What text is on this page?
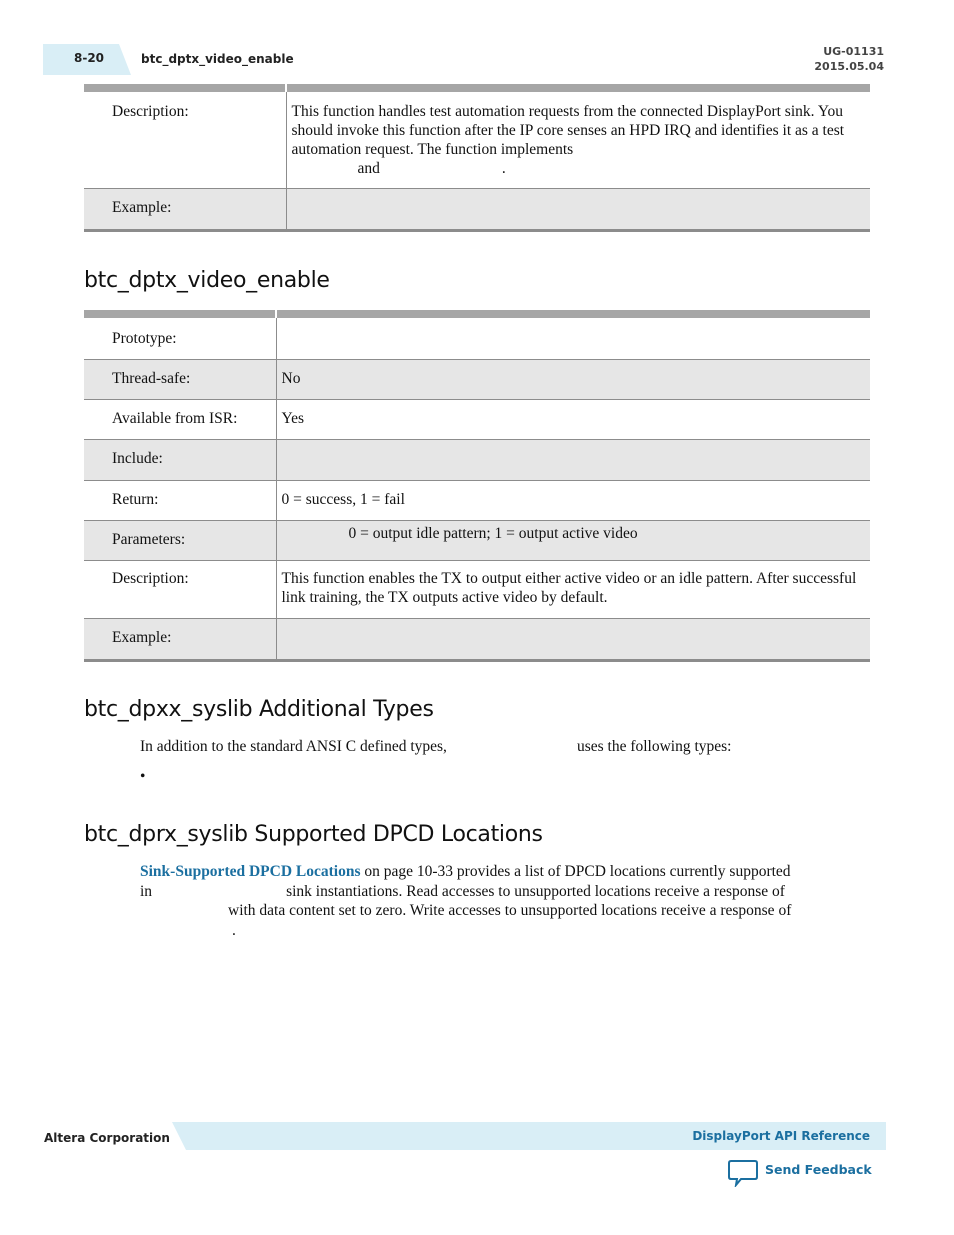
8-20	btc_dptx_video_enable
UG-01131
2015.05.04

Description:	This function handles test automation requests from the connected DisplayPort sink. You should invoke this function after the IP core senses an HPD IRQ and identifies it as a test automation request. The function implements
and .
Example:	
btc_dptx_video_enable

Prototype:	
Thread-safe:	No
Available from ISR:	Yes
Include:	
Return:	0 = success, 1 = fail
Parameters:	0 = output idle pattern; 1 = output active video
Description:	This function enables the TX to output either active video or an idle pattern. After successful link training, the TX outputs active video by default.
Example:	
btc_dpxx_syslib Additional Types
In addition to the standard ANSI C defined types,	uses the following types:
•
btc_dprx_syslib Supported DPCD Locations
Sink-Supported DPCD Locations on page 10-33 provides a list of DPCD locations currently supported
in	sink instantiations. Read accesses to unsupported locations receive a response of
with data content set to zero. Write accesses to unsupported locations receive a response of
.
Altera Corporation	DisplayPort API Reference
Send Feedback
